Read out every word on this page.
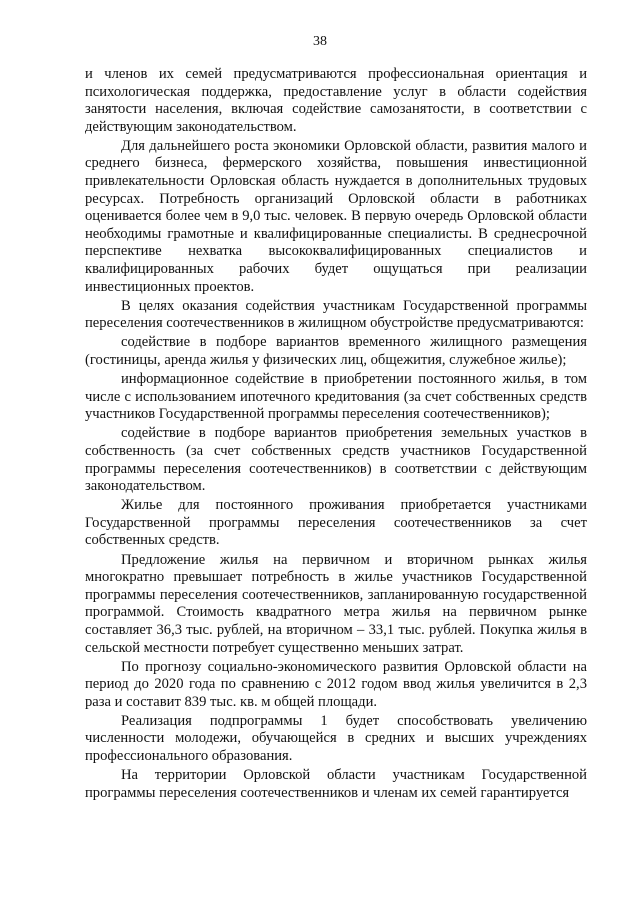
38

и членов их семей предусматриваются профессиональная ориентация и психологическая поддержка, предоставление услуг в области содействия занятости населения, включая содействие самозанятости, в соответствии с действующим законодательством.

Для дальнейшего роста экономики Орловской области, развития малого и среднего бизнеса, фермерского хозяйства, повышения инвестиционной привлекательности Орловская область нуждается в дополнительных трудовых ресурсах. Потребность организаций Орловской области в работниках оценивается более чем в 9,0 тыс. человек. В первую очередь Орловской области необходимы грамотные и квалифицированные специалисты. В среднесрочной перспективе нехватка высококвалифицированных специалистов и квалифицированных рабочих будет ощущаться при реализации инвестиционных проектов.

В целях оказания содействия участникам Государственной программы переселения соотечественников в жилищном обустройстве предусматриваются:

содействие в подборе вариантов временного жилищного размещения (гостиницы, аренда жилья у физических лиц, общежития, служебное жилье);

информационное содействие в приобретении постоянного жилья, в том числе с использованием ипотечного кредитования (за счет собственных средств участников Государственной программы переселения соотечественников);

содействие в подборе вариантов приобретения земельных участков в собственность (за счет собственных средств участников Государственной программы переселения соотечественников) в соответствии с действующим законодательством.

Жилье для постоянного проживания приобретается участниками Государственной программы переселения соотечественников за счет собственных средств.

Предложение жилья на первичном и вторичном рынках жилья многократно превышает потребность в жилье участников Государственной программы переселения соотечественников, запланированную государственной программой. Стоимость квадратного метра жилья на первичном рынке составляет 36,3 тыс. рублей, на вторичном – 33,1 тыс. рублей. Покупка жилья в сельской местности потребует существенно меньших затрат.

По прогнозу социально-экономического развития Орловской области на период до 2020 года по сравнению с 2012 годом ввод жилья увеличится в 2,3 раза и составит 839 тыс. кв. м общей площади.

Реализация подпрограммы 1 будет способствовать увеличению численности молодежи, обучающейся в средних и высших учреждениях профессионального образования.

На территории Орловской области участникам Государственной программы переселения соотечественников и членам их семей гарантируется
